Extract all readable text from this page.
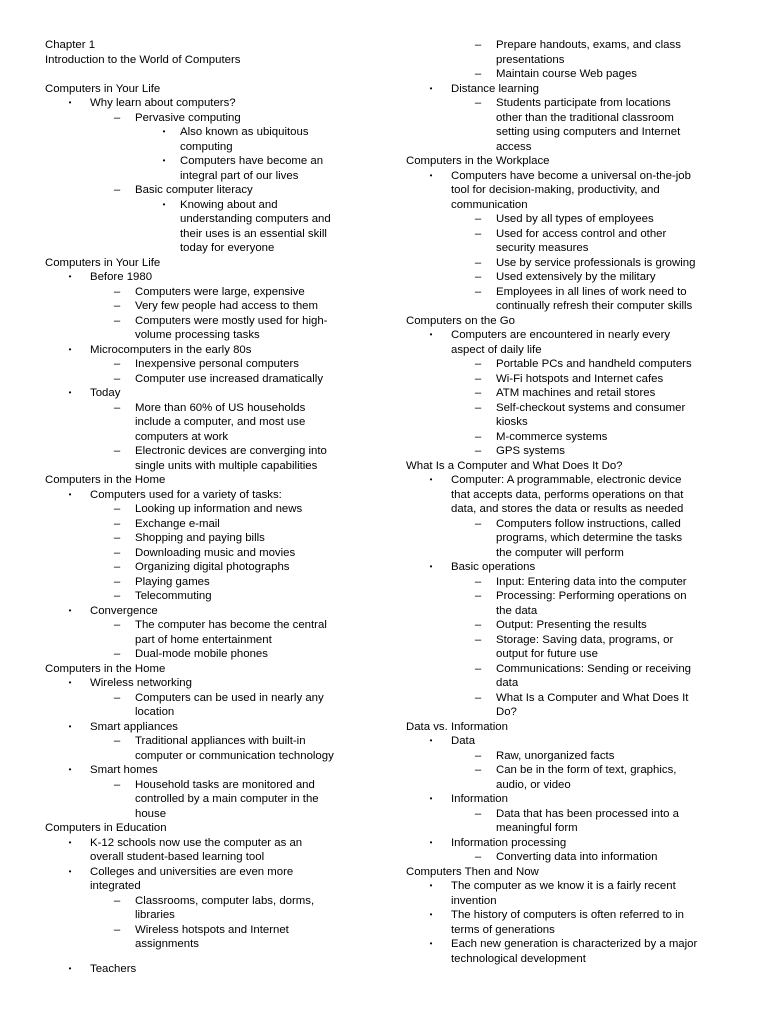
Chapter 1
Introduction to the World of Computers

Computers in Your Life
•	Why learn about computers?
–	Pervasive computing
•	Also known as ubiquitous
computing
•	Computers have become an
integral part of our lives
–	Basic computer literacy
•	Knowing about and
understanding computers and
their uses is an essential skill
today for everyone
Computers in Your Life
•	Before 1980
–	Computers were large, expensive
–	Very few people had access to them
–	Computers were mostly used for high-
volume processing tasks
•	Microcomputers in the early 80s
–	Inexpensive personal computers
–	Computer use increased dramatically
•	Today
–	More than 60% of US households
include a computer, and most use
computers at work
–	Electronic devices are converging into
single units with multiple capabilities
Computers in the Home
•	Computers used for a variety of tasks:
–	Looking up information and news
–	Exchange e-mail
–	Shopping and paying bills
–	Downloading music and movies
–	Organizing digital photographs
–	Playing games
–	Telecommuting
•	Convergence
–	The computer has become the central
part of home entertainment
–	Dual-mode mobile phones
Computers in the Home
•	Wireless networking
–	Computers can be used in nearly any
location
•	Smart appliances
–	Traditional appliances with built-in
computer or communication technology
•	Smart homes
–	Household tasks are monitored and
controlled by a main computer in the
house
Computers in Education
•	K-12 schools now use the computer as an
overall student-based learning tool
•	Colleges and universities are even more
integrated
–	Classrooms, computer labs, dorms,
libraries
–	Wireless hotspots and Internet
assignments
•	Teachers
–	Prepare handouts, exams, and class
presentations
–	Maintain course Web pages
•	Distance learning
–	Students participate from locations
other than the traditional classroom
setting using computers and Internet
access
Computers in the Workplace
•	Computers have become a universal on-the-job
tool for decision-making, productivity, and
communication
–	Used by all types of employees
–	Used for access control and other
security measures
–	Use by service professionals is growing
–	Used extensively by the military
–	Employees in all lines of work need to
continually refresh their computer skills
Computers on the Go
•	Computers are encountered in nearly every
aspect of daily life
–	Portable PCs and handheld computers
–	Wi-Fi hotspots and Internet cafes
–	ATM machines and retail stores
–	Self-checkout systems and consumer
kiosks
–	M-commerce systems
–	GPS systems
What Is a Computer and What Does It Do?
•	Computer: A programmable, electronic device
that accepts data, performs operations on that
data, and stores the data or results as needed
–	Computers follow instructions, called
programs, which determine the tasks
the computer will perform
•	Basic operations
–	Input: Entering data into the computer
–	Processing: Performing operations on
the data
–	Output: Presenting the results
–	Storage: Saving data, programs, or
output for future use
–	Communications: Sending or receiving
data
–	What Is a Computer and What Does It
Do?
Data vs. Information
•	Data
–	Raw, unorganized facts
–	Can be in the form of text, graphics,
audio, or video
•	Information
–	Data that has been processed into a
meaningful form
•	Information processing
–	Converting data into information
Computers Then and Now
•	The computer as we know it is a fairly recent
invention
•	The history of computers is often referred to in
terms of generations
•	Each new generation is characterized by a major
technological development
